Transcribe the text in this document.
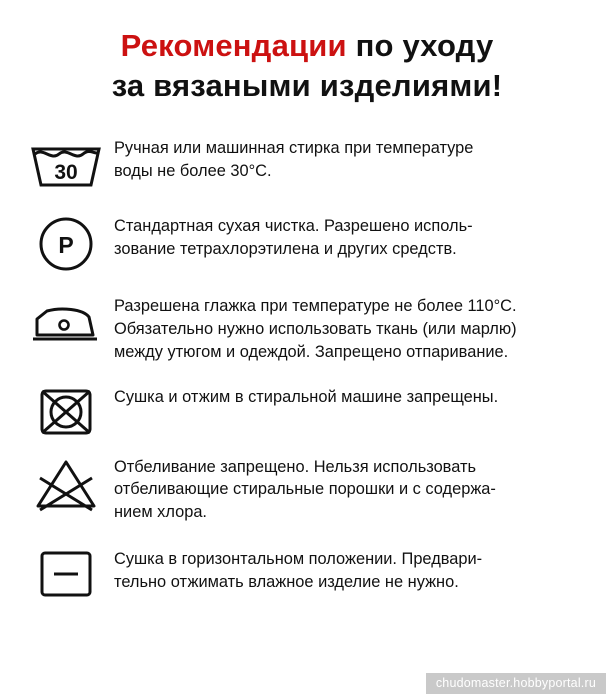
Рекомендации по уходу
за вязаными изделиями!
30
Ручная или машинная стирка при температуре
воды не более 30°С.
P
Стандартная сухая чистка. Разрешено исполь-
зование тетрахлорэтилена и других средств.
Разрешена глажка при температуре не более 110°С.
Обязательно нужно использовать ткань (или марлю)
между утюгом и одеждой. Запрещено отпаривание.
Сушка и отжим в стиральной машине запрещены.
Отбеливание запрещено. Нельзя использовать
отбеливающие стиральные порошки и с содержа-
нием хлора.
Сушка в горизонтальном положении. Предвари-
тельно отжимать влажное изделие не нужно.
chudomaster.hobbyportal.ru
